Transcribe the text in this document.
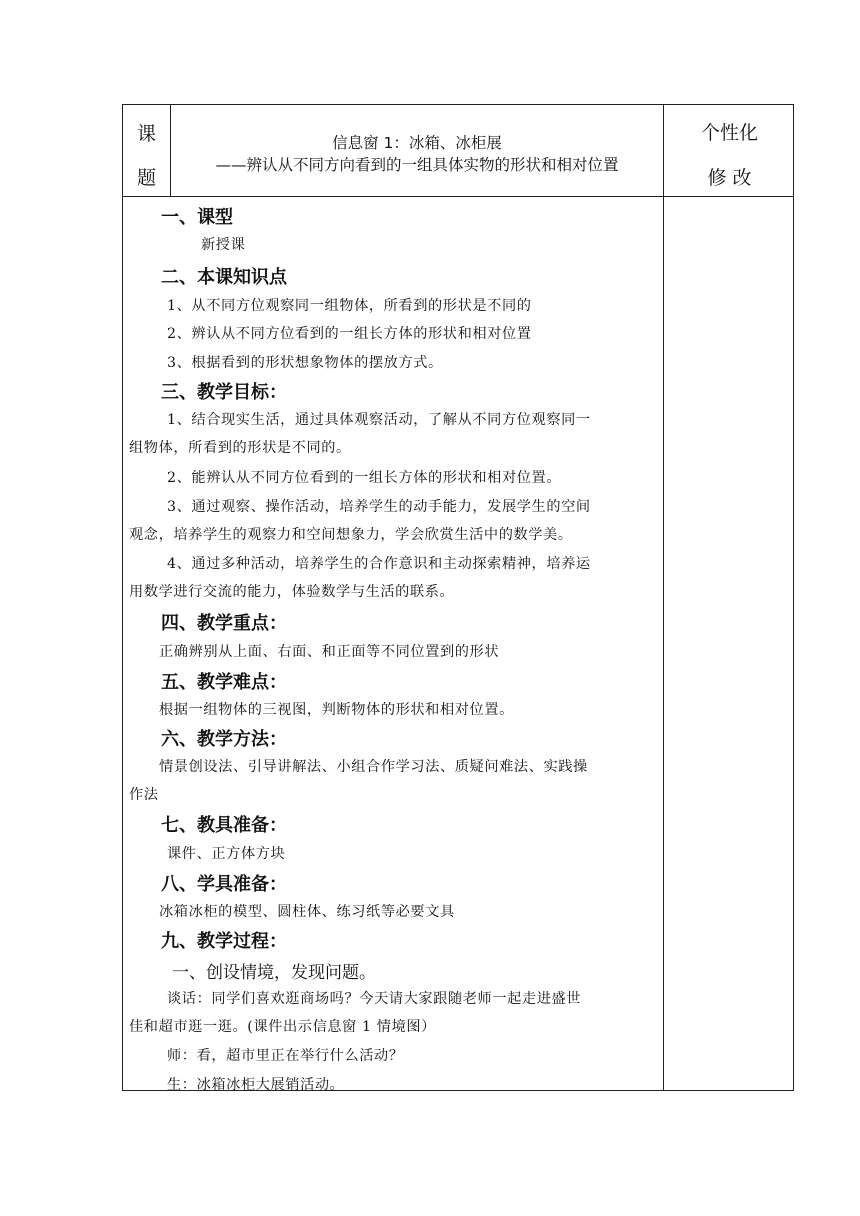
课
题
信息窗 1：冰箱、冰柜展
——辨认从不同方向看到的一组具体实物的形状和相对位置
个性化
修 改
一、课型
新授课
二、本课知识点
1、从不同方位观察同一组物体，所看到的形状是不同的
2、辨认从不同方位看到的一组长方体的形状和相对位置
3、根据看到的形状想象物体的摆放方式。
三、教学目标：
1、结合现实生活，通过具体观察活动，了解从不同方位观察同一
组物体，所看到的形状是不同的。
2、能辨认从不同方位看到的一组长方体的形状和相对位置。
3、通过观察、操作活动，培养学生的动手能力，发展学生的空间
观念，培养学生的观察力和空间想象力，学会欣赏生活中的数学美。
4、通过多种活动，培养学生的合作意识和主动探索精神，培养运
用数学进行交流的能力，体验数学与生活的联系。
四、教学重点：
正确辨别从上面、右面、和正面等不同位置到的形状
五、教学难点：
根据一组物体的三视图，判断物体的形状和相对位置。
六、教学方法：
情景创设法、引导讲解法、小组合作学习法、质疑问难法、实践操
作法
七、教具准备：
课件、正方体方块
八、学具准备：
冰箱冰柜的模型、圆柱体、练习纸等必要文具
九、教学过程：
一、创设情境，发现问题。
谈话：同学们喜欢逛商场吗？今天请大家跟随老师一起走进盛世
佳和超市逛一逛。(课件出示信息窗 1 情境图）
师：看，超市里正在举行什么活动？
生：冰箱冰柜大展销活动。
